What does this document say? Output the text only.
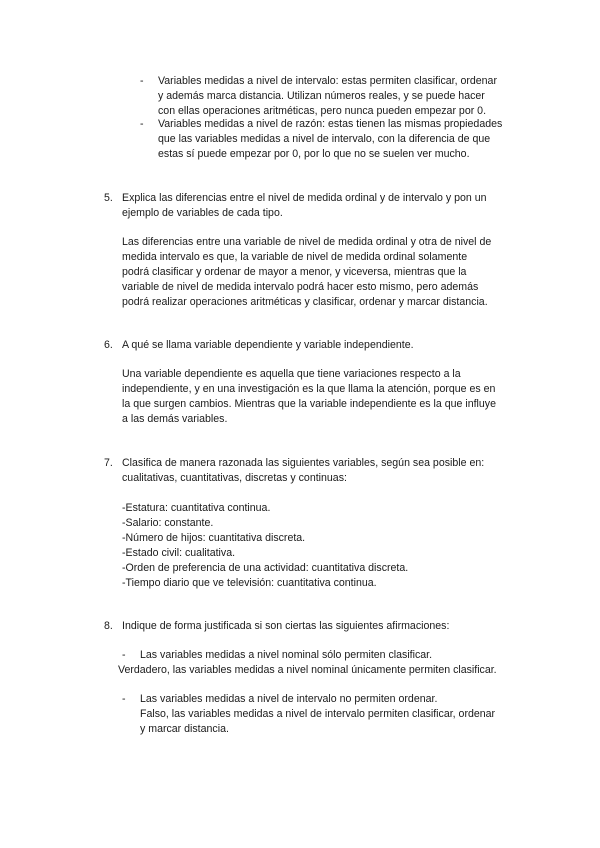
- Variables medidas a nivel de intervalo: estas permiten clasificar, ordenar
y además marca distancia. Utilizan números reales, y se puede hacer
con ellas operaciones aritméticas, pero nunca pueden empezar por 0.
- Variables medidas a nivel de razón: estas tienen las mismas propiedades
que las variables medidas a nivel de intervalo, con la diferencia de que
estas sí puede empezar por 0, por lo que no se suelen ver mucho.
5. Explica las diferencias entre el nivel de medida ordinal y de intervalo y pon un
ejemplo de variables de cada tipo.
Las diferencias entre una variable de nivel de medida ordinal y otra de nivel de
medida intervalo es que, la variable de nivel de medida ordinal solamente
podrá clasificar y ordenar de mayor a menor, y viceversa, mientras que la
variable de nivel de medida intervalo podrá hacer esto mismo, pero además
podrá realizar operaciones aritméticas y clasificar, ordenar y marcar distancia.
6. A qué se llama variable dependiente y variable independiente.
Una variable dependiente es aquella que tiene variaciones respecto a la
independiente, y en una investigación es la que llama la atención, porque es en
la que surgen cambios. Mientras que la variable independiente es la que influye
a las demás variables.
7. Clasifica de manera razonada las siguientes variables, según sea posible en:
cualitativas, cuantitativas, discretas y continuas:
-Estatura: cuantitativa continua.
-Salario: constante.
-Número de hijos: cuantitativa discreta.
-Estado civil: cualitativa.
-Orden de preferencia de una actividad: cuantitativa discreta.
-Tiempo diario que ve televisión: cuantitativa continua.
8. Indique de forma justificada si son ciertas las siguientes afirmaciones:
- Las variables medidas a nivel nominal sólo permiten clasificar.
Verdadero, las variables medidas a nivel nominal únicamente permiten clasificar.
- Las variables medidas a nivel de intervalo no permiten ordenar.
Falso, las variables medidas a nivel de intervalo permiten clasificar, ordenar
y marcar distancia.
